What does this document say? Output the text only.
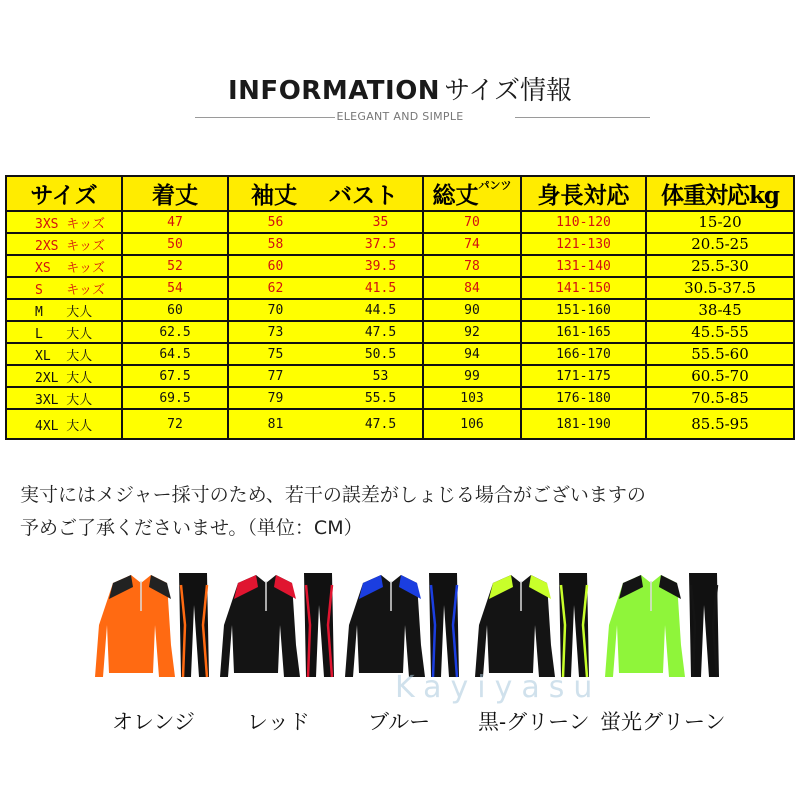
INFORMATION サイズ情報
ELEGANT AND SIMPLE
サイズ	着丈	袖丈 バスト	総丈$^{パンツ}$	身長対応	体重対応kg
3XS キッズ	47	56 35	70	110-120	15-20
2XS キッズ	50	58 37.5	74	121-130	20.5-25
XS  キッズ	52	60 39.5	78	131-140	25.5-30
S   キッズ	54	62 41.5	84	141-150	30.5-37.5
M   大人	60	70 44.5	90	151-160	38-45
L   大人	62.5	73 47.5	92	161-165	45.5-55
XL  大人	64.5	75 50.5	94	166-170	55.5-60
2XL 大人	67.5	77 53	99	171-175	60.5-70
3XL 大人	69.5	79 55.5	103	176-180	70.5-85
4XL 大人	72	81 47.5	106	181-190	85.5-95
実寸にはメジャー採寸のため、若干の誤差がしょじる場合がございますの
予めご了承くださいませ。（単位：CM）
Kayiyasu
オレンジ レッド	ブルー 黒-グリーン 蛍光グリーン
